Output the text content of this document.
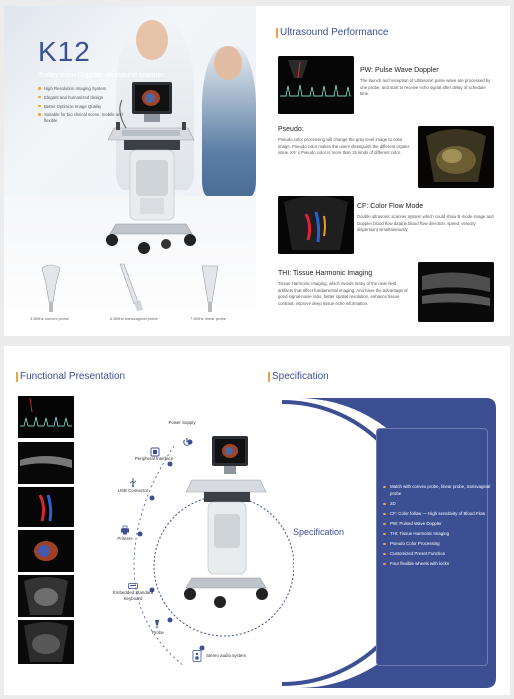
K12
Trolley color Doppler ultrasound scanner
High Resolution Imaging System
Elegant and humanized design
Better Optimize Image Quality
Suitable for bio clinical scene, mobile and flexible
3.5MHz convex probe	6.5MHz transvaginal probe	7.5MHz linear probe
Ultrasound Performance
PW: Pulse Wave Doppler
The launch and reception of Ultrasonic pulse wave are processed by one probe, and start to receive echo signal after delay of schedule time.
Pseudo:
Pseudo color processing will change the gray level image to color image. Pseudo color makes the users distinguish the different organs issue. K6' s Pseudo color is more than 15 kinds of different color.
CF: Color Flow Mode
Double ultrasonic scanner system which could show B mode image and Doppler blood flow data(ie.blood flow direction, speed, velocity dispersion) simultaneously.
THI: Tissue Harmonic Imaging
Tissue Harmonic Imaging, which avoids many of the near-field artifacts that affect fundamental imaging. And have the advantage of good signal-noise ratio, better spatial resolution, enhance tissue contrast, improve deep tissue echo information.
Functional Presentation	Specification
Power Supply
Peripheral Interface
USB Connector
Printers
Embedded Standard Keyboard
Probe
Stereo audio system
Specification
Match with convex probe, linear probe, transvaginal probe
2D
CF: Color follow — High sensitivity of Blood Flow
PW: Pulsed Wave Doppler
THI: Tissue Harmonic Imaging
Pseudo Color Processing
Customized Preset Function
Four flexible wheels with locks
